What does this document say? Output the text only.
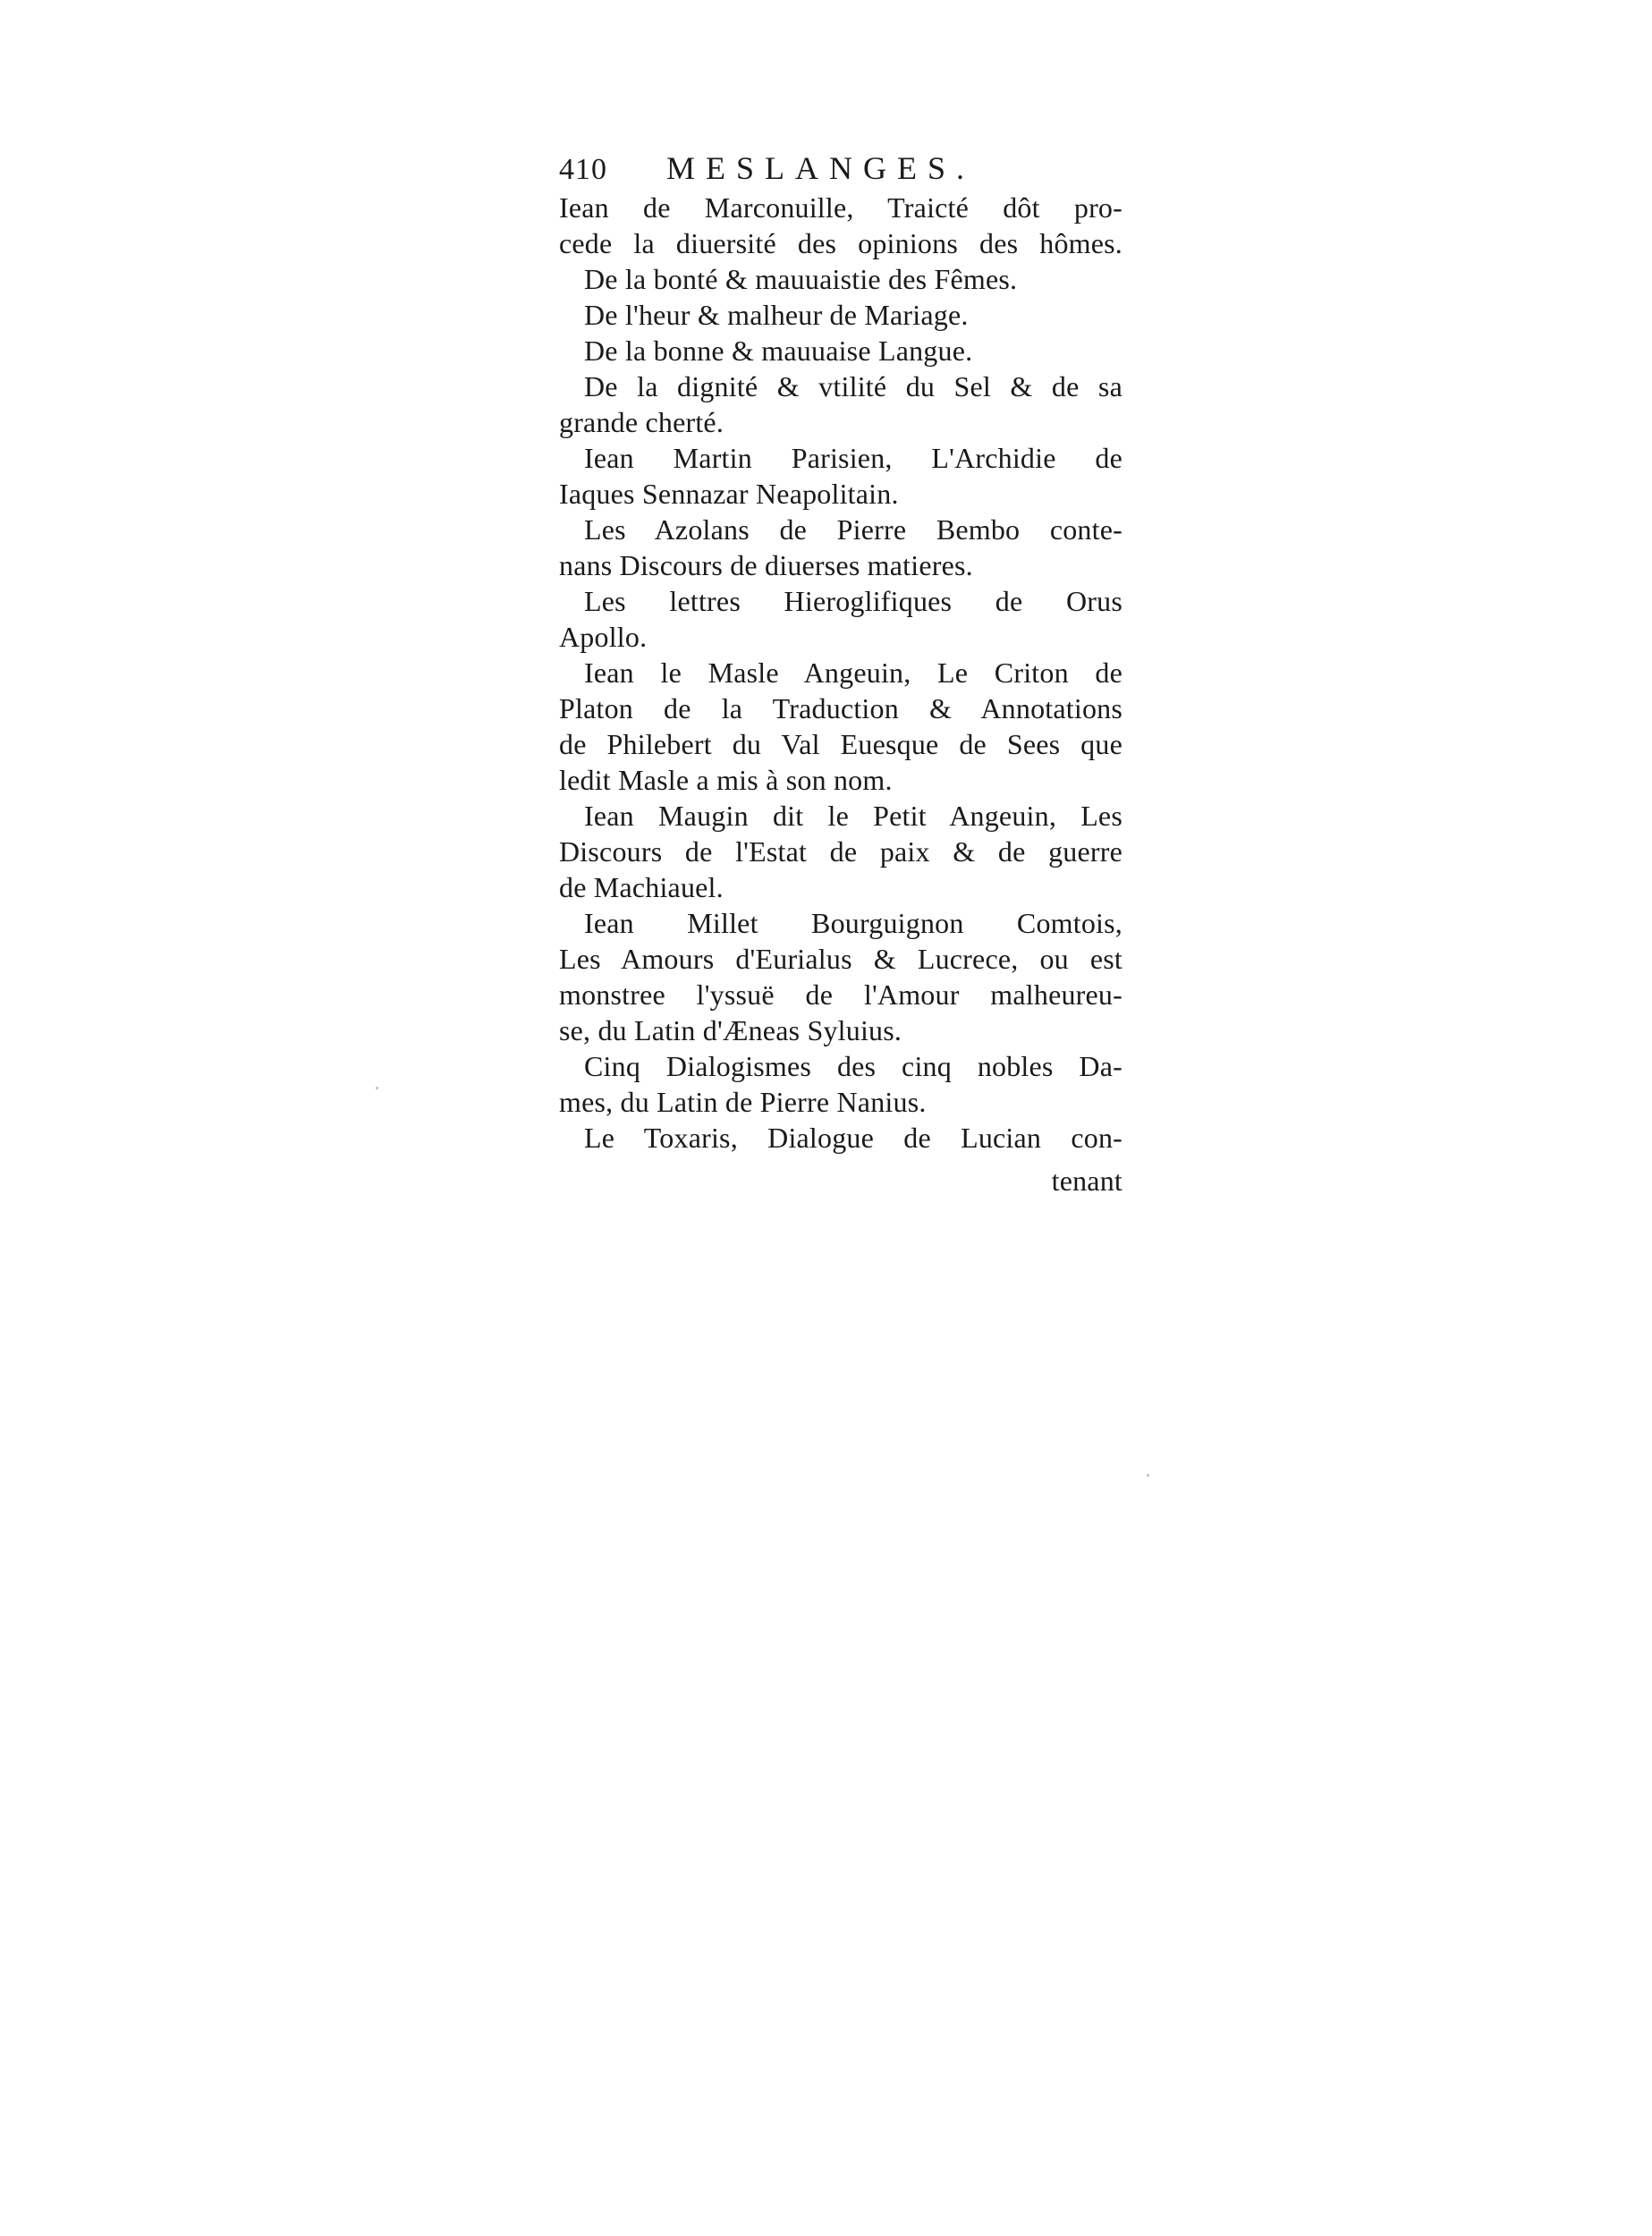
410	MESLANGES.
Iean de Marconuille, Traicté dôt pro-
cede la diuersité des opinions des hômes.
De la bonté & mauuaistie des Fêmes.
De l'heur & malheur de Mariage.
De la bonne & mauuaise Langue.
De la dignité & vtilité du Sel & de sa
grande cherté.
Iean Martin Parisien, L'Archidie de
Iaques Sennazar Neapolitain.
Les Azolans de Pierre Bembo conte-
nans Discours de diuerses matieres.
Les lettres Hieroglifiques de Orus
Apollo.
Iean le Masle Angeuin, Le Criton de
Platon de la Traduction & Annotations
de Philebert du Val Euesque de Sees que
ledit Masle a mis à son nom.
Iean Maugin dit le Petit Angeuin, Les
Discours de l'Estat de paix & de guerre
de Machiauel.
Iean Millet Bourguignon Comtois,
Les Amours d'Eurialus & Lucrece, ou est
monstree l'yssuë de l'Amour malheureu-
se, du Latin d'Æneas Syluius.
Cinq Dialogismes des cinq nobles Da-
mes, du Latin de Pierre Nanius.
Le Toxaris, Dialogue de Lucian con-
tenant
